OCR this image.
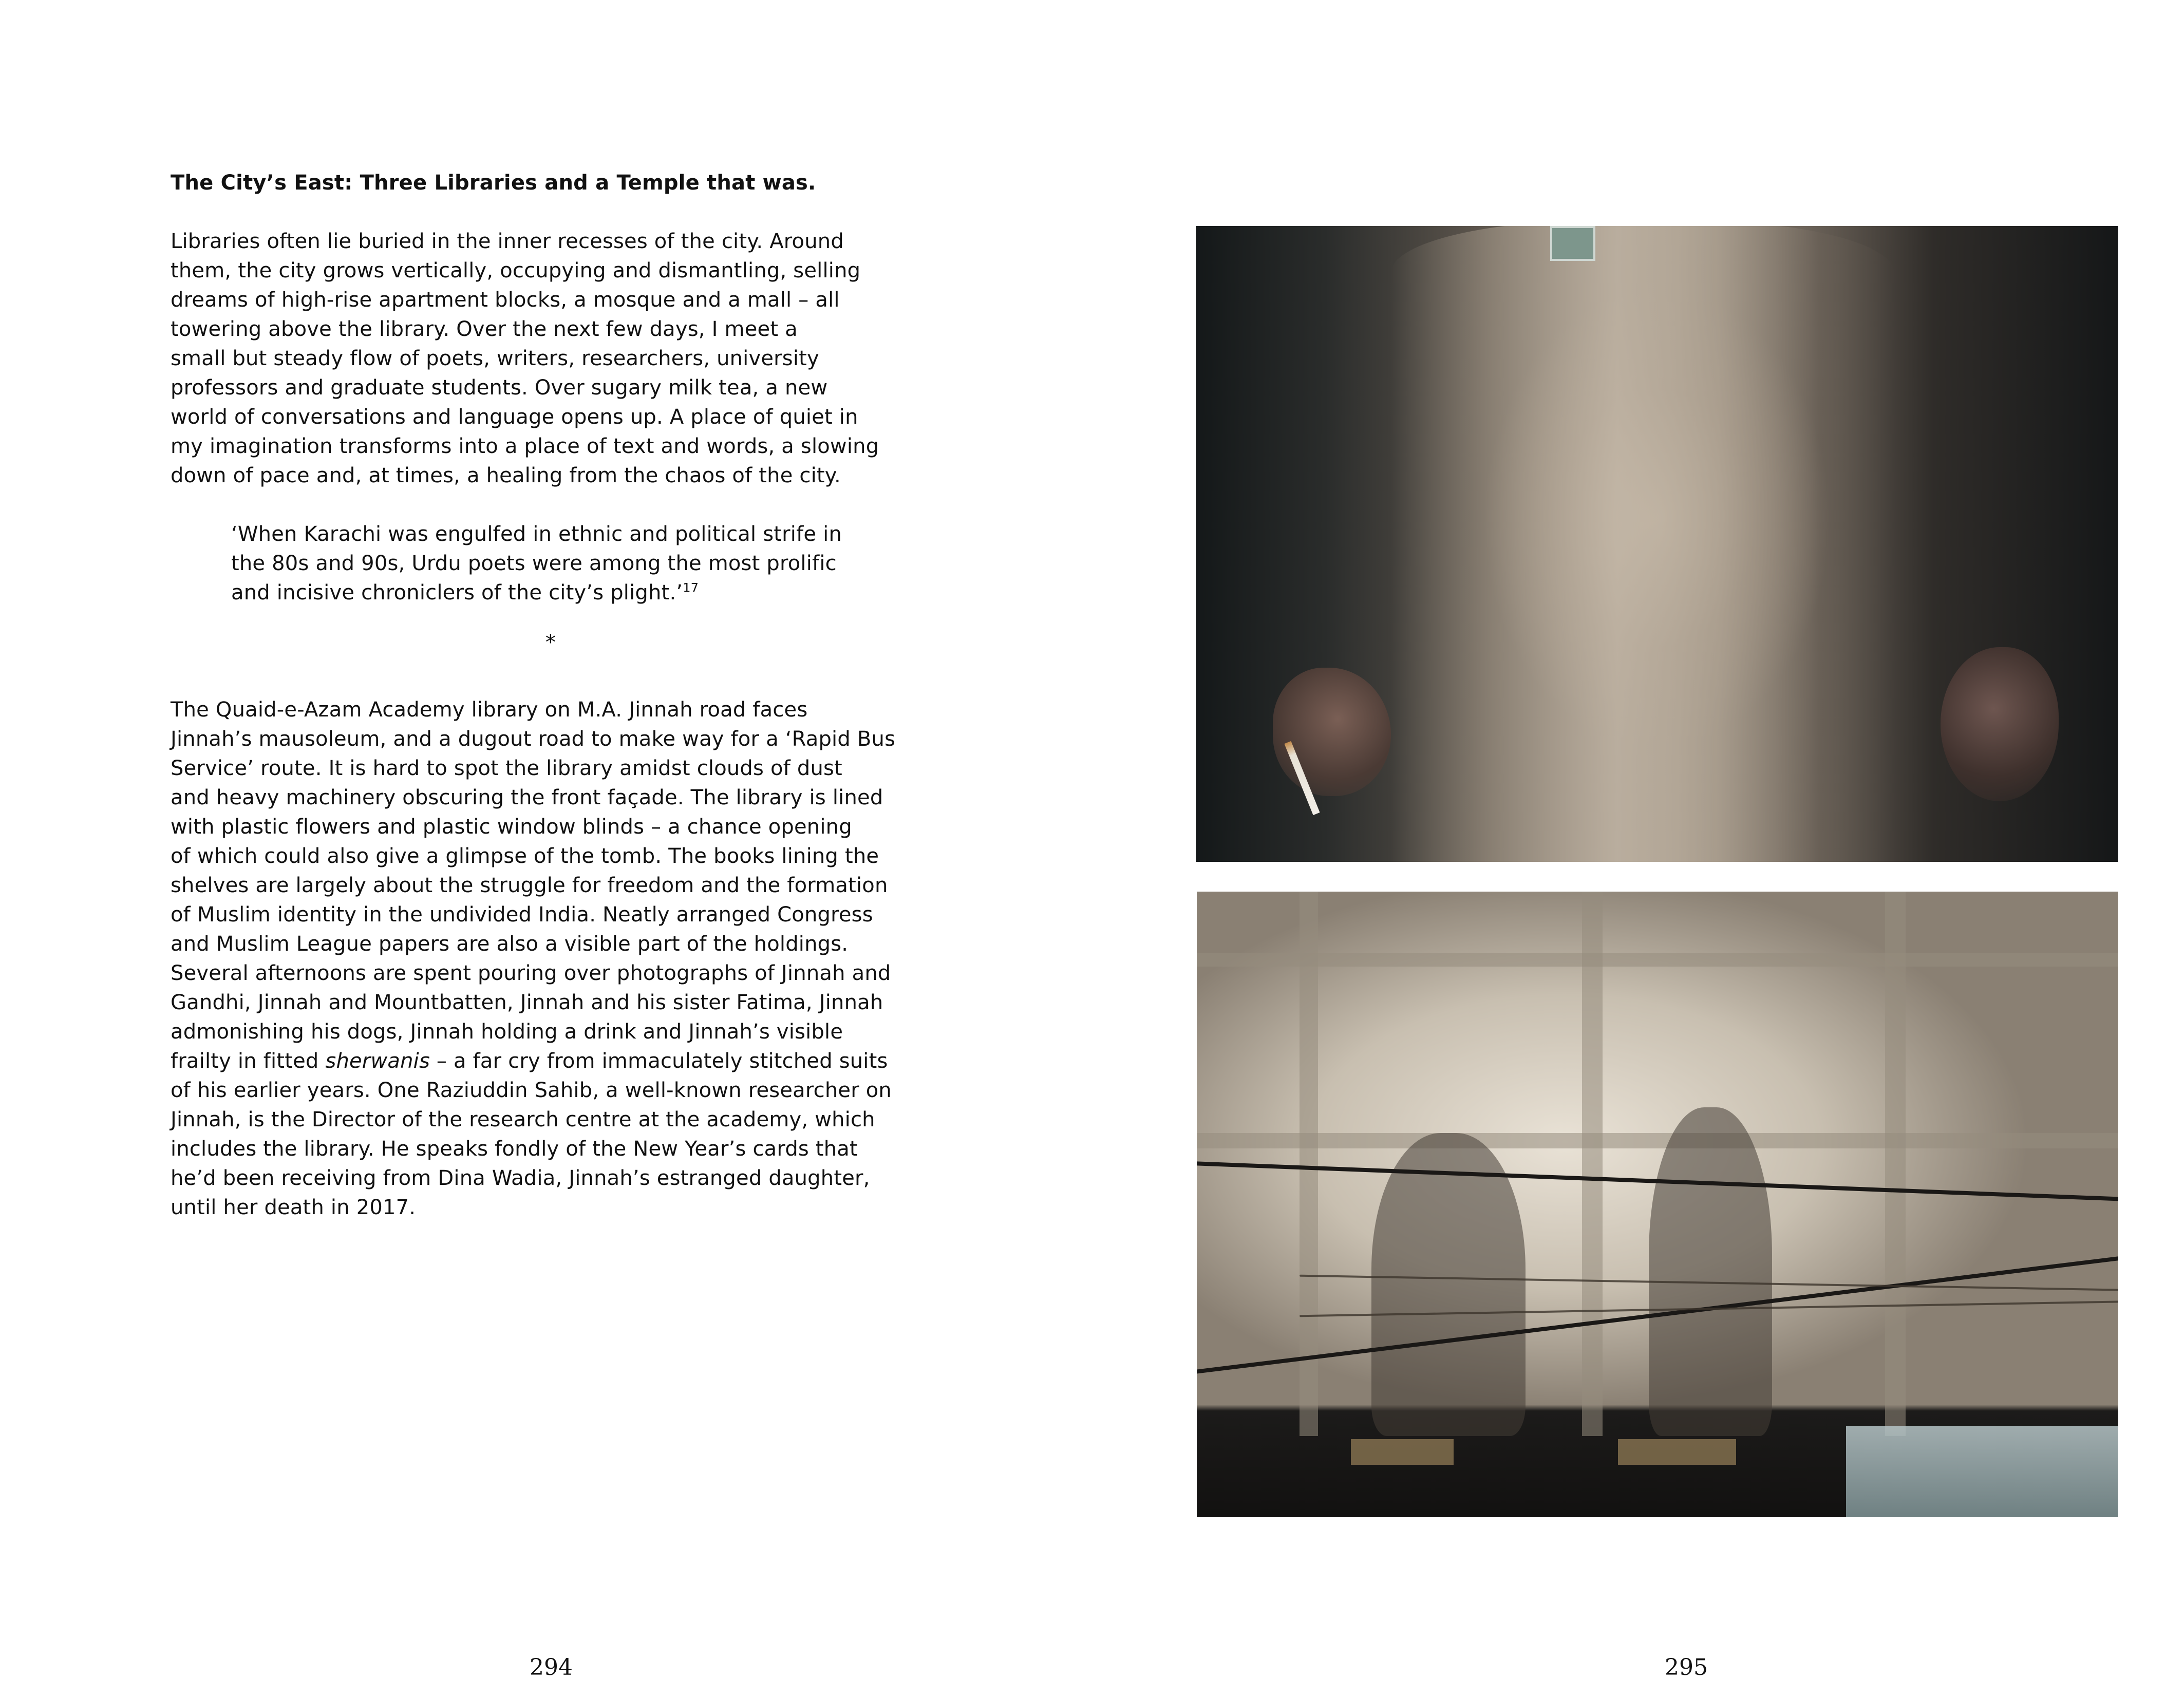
The City’s East: Three Libraries and a Temple that was.

Libraries often lie buried in the inner recesses of the city. Around
them, the city grows vertically, occupying and dismantling, selling
dreams of high-rise apartment blocks, a mosque and a mall – all
towering above the library. Over the next few days, I meet a
small but steady flow of poets, writers, researchers, university
professors and graduate students. Over sugary milk tea, a new
world of conversations and language opens up. A place of quiet in
my imagination transforms into a place of text and words, a slowing
down of pace and, at times, a healing from the chaos of the city.

‘When Karachi was engulfed in ethnic and political strife in
the 80s and 90s, Urdu poets were among the most prolific
and incisive chroniclers of the city’s plight.’$^{17}$
*

The Quaid-e-Azam Academy library on M.A. Jinnah road faces
Jinnah’s mausoleum, and a dugout road to make way for a ‘Rapid Bus
Service’ route. It is hard to spot the library amidst clouds of dust
and heavy machinery obscuring the front façade. The library is lined
with plastic flowers and plastic window blinds – a chance opening
of which could also give a glimpse of the tomb. The books lining the
shelves are largely about the struggle for freedom and the formation
of Muslim identity in the undivided India. Neatly arranged Congress
and Muslim League papers are also a visible part of the holdings.
Several afternoons are spent pouring over photographs of Jinnah and
Gandhi, Jinnah and Mountbatten, Jinnah and his sister Fatima, Jinnah
admonishing his dogs, Jinnah holding a drink and Jinnah’s visible
frailty in fitted sherwanis – a far cry from immaculately stitched suits
of his earlier years. One Raziuddin Sahib, a well-known researcher on
Jinnah, is the Director of the research centre at the academy, which
includes the library. He speaks fondly of the New Year’s cards that
he’d been receiving from Dina Wadia, Jinnah’s estranged daughter,
until her death in 2017.

294	295
